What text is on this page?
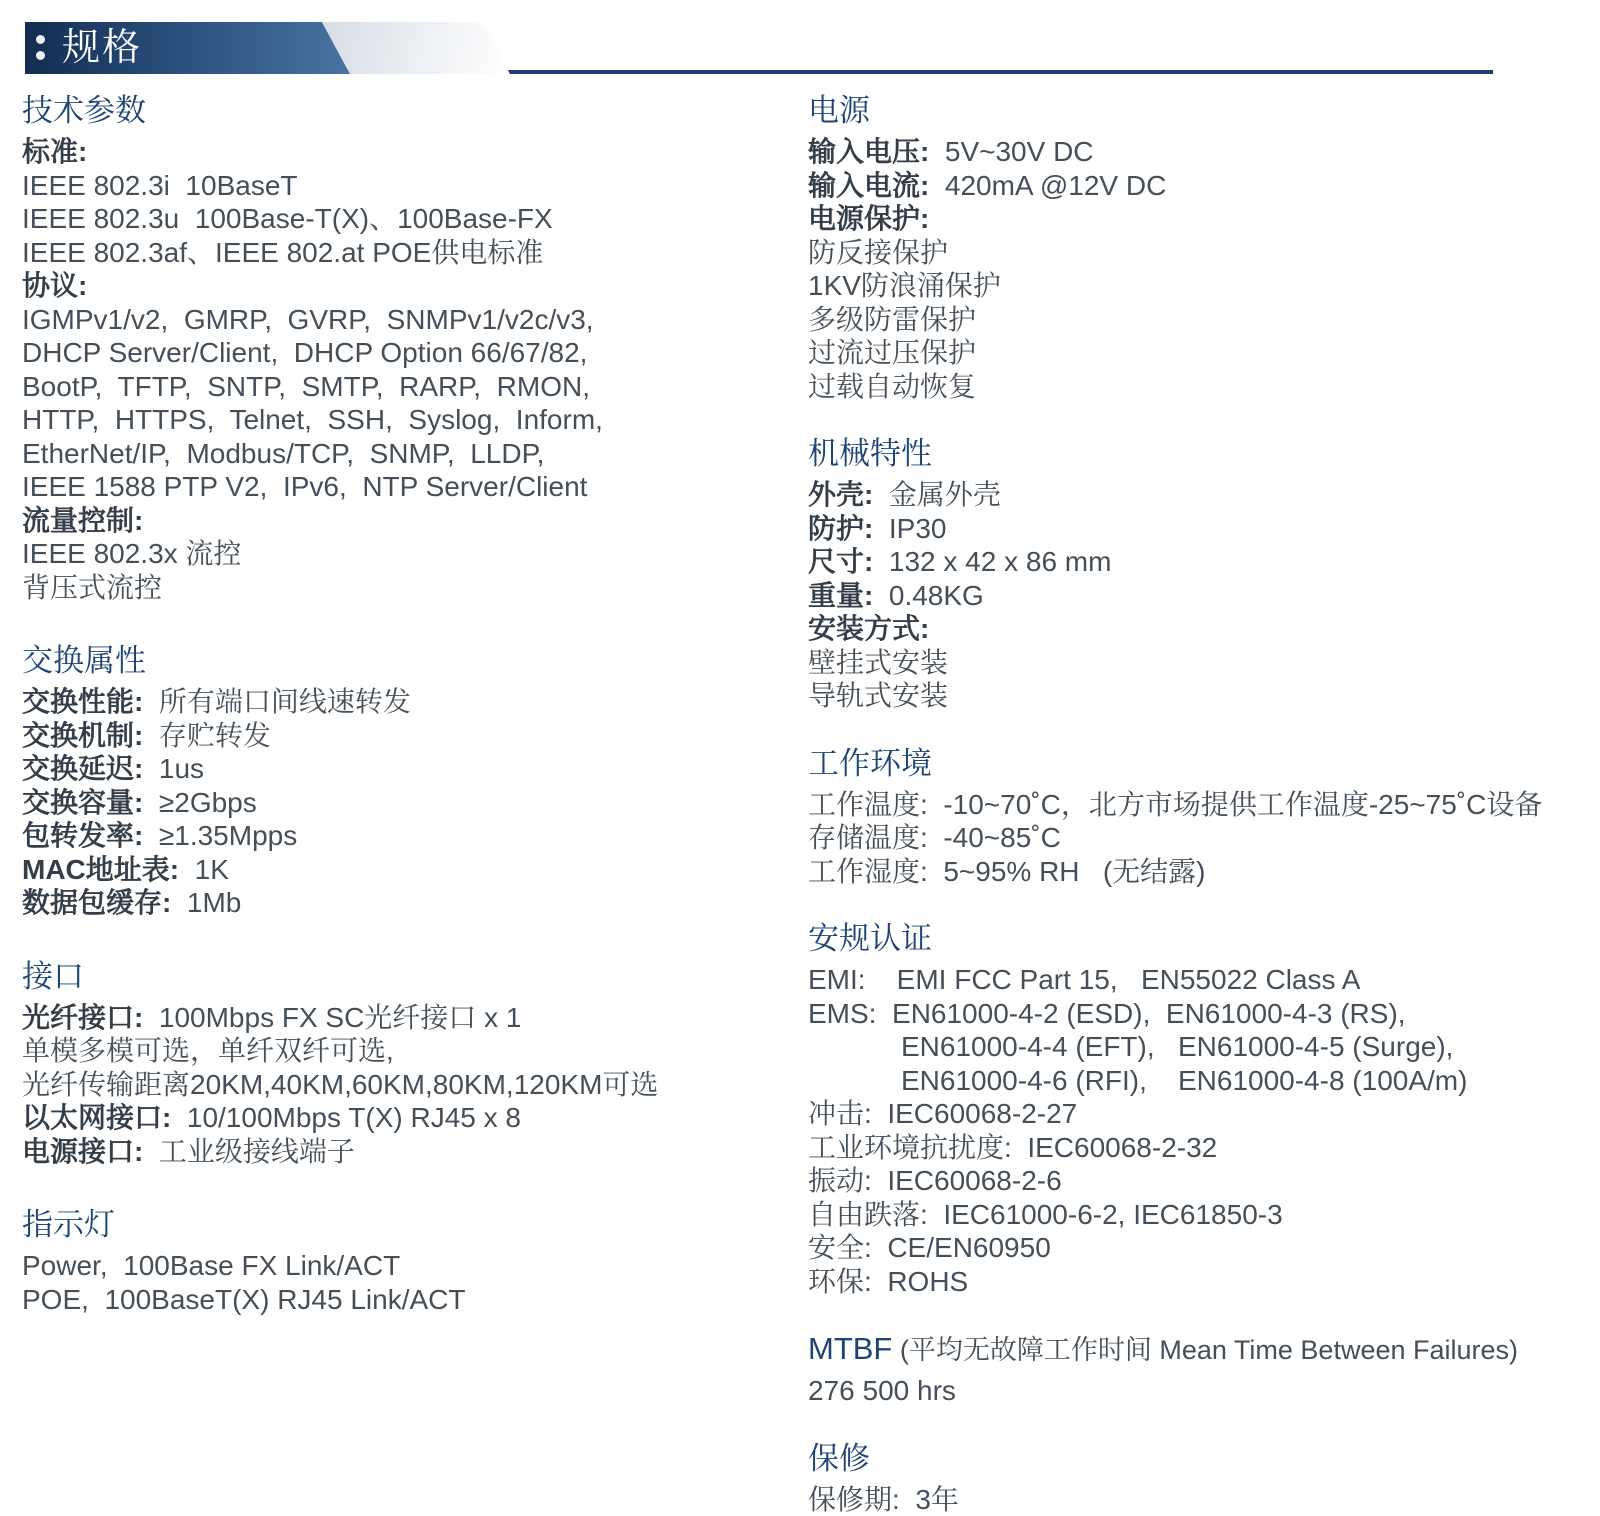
规格
技术参数
标准:
IEEE 802.3i  10BaseT
IEEE 802.3u  100Base-T(X)、100Base-FX
IEEE 802.3af、IEEE 802.at POE供电标准
协议:
IGMPv1/v2,  GMRP,  GVRP,  SNMPv1/v2c/v3,
DHCP Server/Client,  DHCP Option 66/67/82,
BootP,  TFTP,  SNTP,  SMTP,  RARP,  RMON,
HTTP,  HTTPS,  Telnet,  SSH,  Syslog,  Inform,
EtherNet/IP,  Modbus/TCP,  SNMP,  LLDP,
IEEE 1588 PTP V2,  IPv6,  NTP Server/Client
流量控制:
IEEE 802.3x 流控
背压式流控
交换属性
交换性能:  所有端口间线速转发
交换机制:  存贮转发
交换延迟:  1us
交换容量:  ≥2Gbps
包转发率:  ≥1.35Mpps
MAC地址表:  1K
数据包缓存:  1Mb
接口
光纤接口:  100Mbps FX SC光纤接口 x 1
单模多模可选，单纤双纤可选,
光纤传输距离20KM,40KM,60KM,80KM,120KM可选
以太网接口:  10/100Mbps T(X) RJ45 x 8
电源接口:  工业级接线端子
指示灯
Power,  100Base FX Link/ACT
POE,  100BaseT(X) RJ45 Link/ACT
电源
输入电压:  5V~30V DC
输入电流:  420mA @12V DC
电源保护:
防反接保护
1KV防浪涌保护
多级防雷保护
过流过压保护
过载自动恢复
机械特性
外壳:  金属外壳
防护:  IP30
尺寸:  132 x 42 x 86 mm
重量:  0.48KG
安装方式:
壁挂式安装
导轨式安装
工作环境
工作温度:  -10~70˚C，北方市场提供工作温度-25~75˚C设备
存储温度:  -40~85˚C
工作湿度:  5~95% RH   (无结露)
安规认证
EMI:    EMI FCC Part 15,   EN55022 Class A
EMS:  EN61000-4-2 (ESD),  EN61000-4-3 (RS),
EN61000-4-4 (EFT),   EN61000-4-5 (Surge),
EN61000-4-6 (RFI),    EN61000-4-8 (100A/m)
冲击:  IEC60068-2-27
工业环境抗扰度:  IEC60068-2-32
振动:  IEC60068-2-6
自由跌落:  IEC61000-6-2, IEC61850-3
安全:  CE/EN60950
环保:  ROHS
MTBF (平均无故障工作时间 Mean Time Between Failures)
276 500 hrs
保修
保修期:  3年
